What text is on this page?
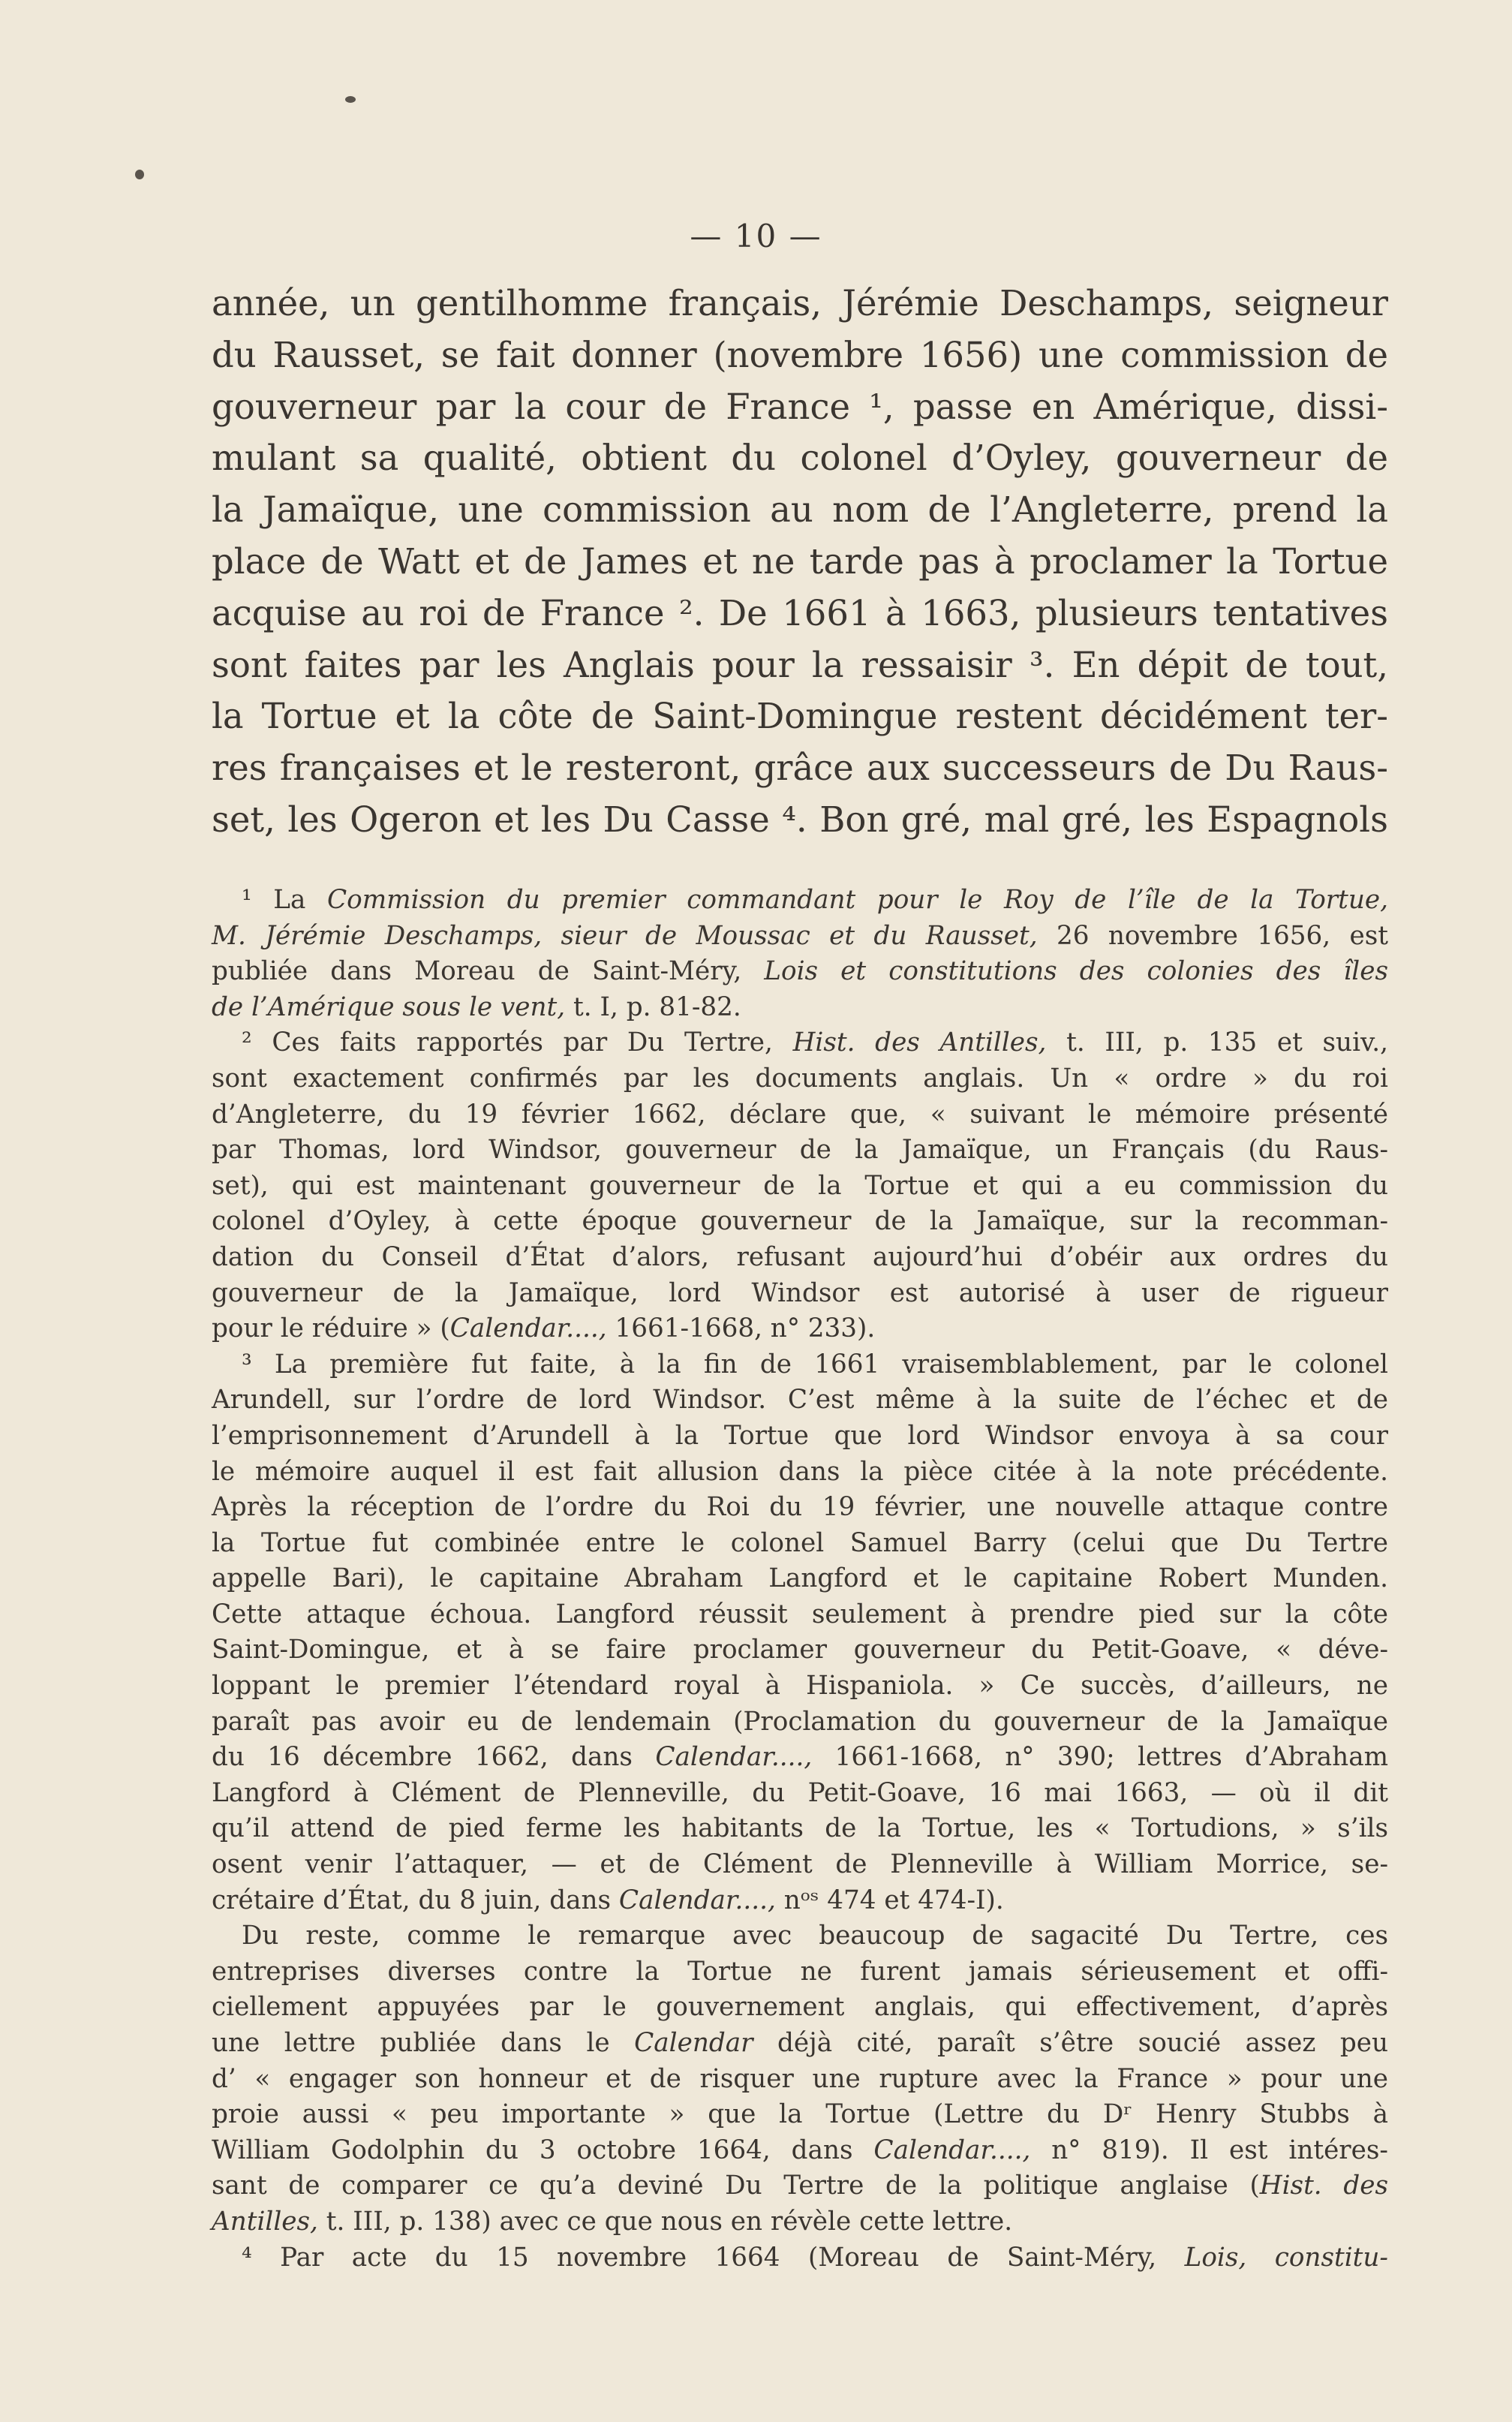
— 10 —
année, un gentilhomme français, Jérémie Deschamps, seigneur
du Rausset, se fait donner (novembre 1656) une commission de
gouverneur par la cour de France ¹, passe en Amérique, dissi-
mulant sa qualité, obtient du colonel d’Oyley, gouverneur de
la Jamaïque, une commission au nom de l’Angleterre, prend la
place de Watt et de James et ne tarde pas à proclamer la Tortue
acquise au roi de France ². De 1661 à 1663, plusieurs tentatives
sont faites par les Anglais pour la ressaisir ³. En dépit de tout,
la Tortue et la côte de Saint-Domingue restent décidément ter-
res françaises et le resteront, grâce aux successeurs de Du Raus-
set, les Ogeron et les Du Casse ⁴. Bon gré, mal gré, les Espagnols
¹ La Commission du premier commandant pour le Roy de l’île de la Tortue,
M. Jérémie Deschamps, sieur de Moussac et du Rausset, 26 novembre 1656, est
publiée dans Moreau de Saint-Méry, Lois et constitutions des colonies des îles
de l’Amérique sous le vent, t. I, p. 81-82.
² Ces faits rapportés par Du Tertre, Hist. des Antilles, t. III, p. 135 et suiv.,
sont exactement confirmés par les documents anglais. Un « ordre » du roi
d’Angleterre, du 19 février 1662, déclare que, « suivant le mémoire présenté
par Thomas, lord Windsor, gouverneur de la Jamaïque, un Français (du Raus-
set), qui est maintenant gouverneur de la Tortue et qui a eu commission du
colonel d’Oyley, à cette époque gouverneur de la Jamaïque, sur la recomman-
dation du Conseil d’État d’alors, refusant aujourd’hui d’obéir aux ordres du
gouverneur de la Jamaïque, lord Windsor est autorisé à user de rigueur
pour le réduire » (Calendar...., 1661-1668, n° 233).
³ La première fut faite, à la fin de 1661 vraisemblablement, par le colonel
Arundell, sur l’ordre de lord Windsor. C’est même à la suite de l’échec et de
l’emprisonnement d’Arundell à la Tortue que lord Windsor envoya à sa cour
le mémoire auquel il est fait allusion dans la pièce citée à la note précédente.
Après la réception de l’ordre du Roi du 19 février, une nouvelle attaque contre
la Tortue fut combinée entre le colonel Samuel Barry (celui que Du Tertre
appelle Bari), le capitaine Abraham Langford et le capitaine Robert Munden.
Cette attaque échoua. Langford réussit seulement à prendre pied sur la côte
Saint-Domingue, et à se faire proclamer gouverneur du Petit-Goave, « déve-
loppant le premier l’étendard royal à Hispaniola. » Ce succès, d’ailleurs, ne
paraît pas avoir eu de lendemain (Proclamation du gouverneur de la Jamaïque
du 16 décembre 1662, dans Calendar...., 1661-1668, n° 390; lettres d’Abraham
Langford à Clément de Plenneville, du Petit-Goave, 16 mai 1663, — où il dit
qu’il attend de pied ferme les habitants de la Tortue, les « Tortudions, » s’ils
osent venir l’attaquer, — et de Clément de Plenneville à William Morrice, se-
crétaire d’État, du 8 juin, dans Calendar...., nᵒˢ 474 et 474-I).
Du reste, comme le remarque avec beaucoup de sagacité Du Tertre, ces
entreprises diverses contre la Tortue ne furent jamais sérieusement et offi-
ciellement appuyées par le gouvernement anglais, qui effectivement, d’après
une lettre publiée dans le Calendar déjà cité, paraît s’être soucié assez peu
d’ « engager son honneur et de risquer une rupture avec la France » pour une
proie aussi « peu importante » que la Tortue (Lettre du Dʳ Henry Stubbs à
William Godolphin du 3 octobre 1664, dans Calendar...., n° 819). Il est intéres-
sant de comparer ce qu’a deviné Du Tertre de la politique anglaise (Hist. des
Antilles, t. III, p. 138) avec ce que nous en révèle cette lettre.
⁴ Par acte du 15 novembre 1664 (Moreau de Saint-Méry, Lois, constitu-
